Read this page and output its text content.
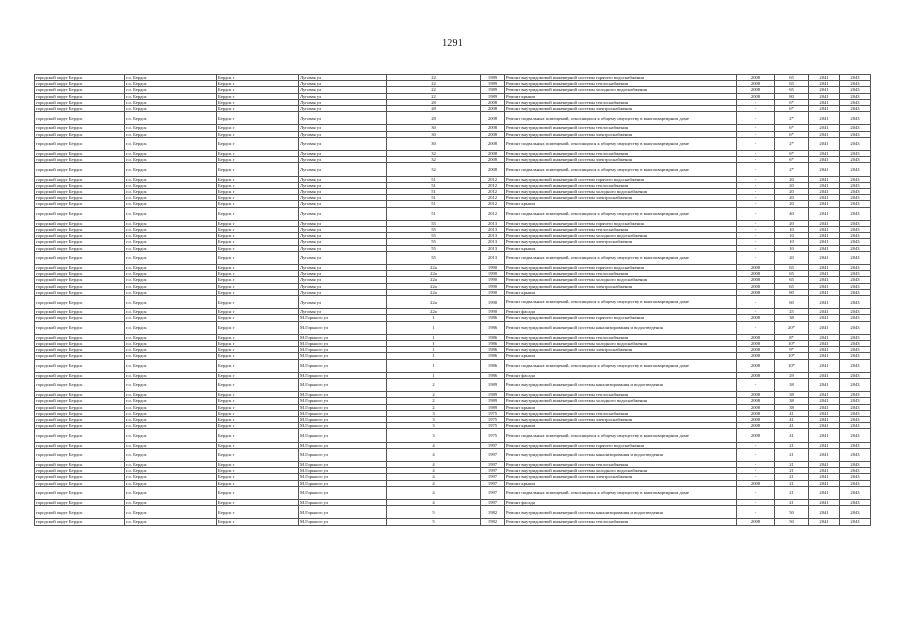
1291
городской округ Бердск	г.о. Бердск	Бердск г	Луговая ул	22	1989	Ремонт внутридомовой инженерной системы горячего водоснабжения	2008	65	2041	2043
городской округ Бердск	г.о. Бердск	Бердск г	Луговая ул	22	1989	Ремонт внутридомовой инженерной системы теплоснабжения	2008	65	2041	2043
городской округ Бердск	г.о. Бердск	Бердск г	Луговая ул	22	1989	Ремонт внутридомовой инженерной системы холодного водоснабжения	2008	65	2041	2043
городской округ Бердск	г.о. Бердск	Бердск г	Луговая ул	22	1989	Ремонт крыши	2008	80	2041	2043
городской округ Бердск	г.о. Бердск	Бердск г	Луговая ул	28	2008	Ремонт внутридомовой инженерной системы теплоснабжения	-	6*	2041	2043
городской округ Бердск	г.о. Бердск	Бердск г	Луговая ул	28	2008	Ремонт внутридомовой инженерной системы электроснабжения	-	6*	2041	2043
городской округ Бердск	г.о. Бердск	Бердск г	Луговая ул	28	2008	Ремонт подвальных помещений, относящихся к общему имуществу в многоквартирном доме	-	2*	2041	2043
городской округ Бердск	г.о. Бердск	Бердск г	Луговая ул	30	2008	Ремонт внутридомовой инженерной системы теплоснабжения	-	6*	2041	2043
городской округ Бердск	г.о. Бердск	Бердск г	Луговая ул	30	2008	Ремонт внутридомовой инженерной системы электроснабжения	-	6*	2041	2043
городской округ Бердск	г.о. Бердск	Бердск г	Луговая ул	30	2008	Ремонт подвальных помещений, относящихся к общему имуществу в многоквартирном доме	-	2*	2041	2043
городской округ Бердск	г.о. Бердск	Бердск г	Луговая ул	32	2008	Ремонт внутридомовой инженерной системы теплоснабжения	-	6*	2041	2043
городской округ Бердск	г.о. Бердск	Бердск г	Луговая ул	32	2008	Ремонт внутридомовой инженерной системы электроснабжения	-	6*	2041	2043
городской округ Бердск	г.о. Бердск	Бердск г	Луговая ул	32	2008	Ремонт подвальных помещений, относящихся к общему имуществу в многоквартирном доме	-	2*	2041	2043
городской округ Бердск	г.о. Бердск	Бердск г	Луговая ул	51	2012	Ремонт внутридомовой инженерной системы горячего водоснабжения	-	20	2041	2043
городской округ Бердск	г.о. Бердск	Бердск г	Луговая ул	51	2012	Ремонт внутридомовой инженерной системы теплоснабжения	-	20	2041	2043
городской округ Бердск	г.о. Бердск	Бердск г	Луговая ул	51	2012	Ремонт внутридомовой инженерной системы холодного водоснабжения	-	20	2041	2043
городской округ Бердск	г.о. Бердск	Бердск г	Луговая ул	51	2012	Ремонт внутридомовой инженерной системы электроснабжения	-	20	2041	2043
городской округ Бердск	г.о. Бердск	Бердск г	Луговая ул	51	2012	Ремонт крыши	-	20	2041	2043
городской округ Бердск	г.о. Бердск	Бердск г	Луговая ул	51	2012	Ремонт подвальных помещений, относящихся к общему имуществу в многоквартирном доме	-	40	2041	2043
городской округ Бердск	г.о. Бердск	Бердск г	Луговая ул	55	2013	Ремонт внутридомовой инженерной системы горячего водоснабжения	-	20	2041	2043
городской округ Бердск	г.о. Бердск	Бердск г	Луговая ул	55	2013	Ремонт внутридомовой инженерной системы теплоснабжения	-	10	2041	2043
городской округ Бердск	г.о. Бердск	Бердск г	Луговая ул	55	2013	Ремонт внутридомовой инженерной системы холодного водоснабжения	-	10	2041	2043
городской округ Бердск	г.о. Бердск	Бердск г	Луговая ул	55	2013	Ремонт внутридомовой инженерной системы электроснабжения	-	10	2041	2043
городской округ Бердск	г.о. Бердск	Бердск г	Луговая ул	55	2013	Ремонт крыши	-	10	2041	2043
городской округ Бердск	г.о. Бердск	Бердск г	Луговая ул	55	2013	Ремонт подвальных помещений, относящихся к общему имуществу в многоквартирном доме	-	20	2041	2043
городской округ Бердск	г.о. Бердск	Бердск г	Луговая ул	22а	1990	Ремонт внутридомовой инженерной системы горячего водоснабжения	2008	65	2041	2043
городской округ Бердск	г.о. Бердск	Бердск г	Луговая ул	22а	1990	Ремонт внутридомовой инженерной системы теплоснабжения	2008	65	2041	2043
городской округ Бердск	г.о. Бердск	Бердск г	Луговая ул	22а	1990	Ремонт внутридомовой инженерной системы холодного водоснабжения	2008	65	2041	2043
городской округ Бердск	г.о. Бердск	Бердск г	Луговая ул	22а	1990	Ремонт внутридомовой инженерной системы электроснабжения	2008	65	2041	2043
городской округ Бердск	г.о. Бердск	Бердск г	Луговая ул	22а	1990	Ремонт крыши	2008	80	2041	2043
городской округ Бердск	г.о. Бердск	Бердск г	Луговая ул	22а	1990	Ремонт подвальных помещений, относящихся к общему имуществу в многоквартирном доме	-	60	2041	2043
городской округ Бердск	г.о. Бердск	Бердск г	Луговая ул	22а	1990	Ремонт фасада	-	25	2041	2043
городской округ Бердск	г.о. Бердск	Бердск г	М.Горького ул	1	1986	Ремонт внутридомовой инженерной системы горячего водоснабжения	2008	38	2041	2043
городской округ Бердск	г.о. Бердск	Бердск г	М.Горького ул	1	1986	Ремонт внутридомовой инженерной системы канализирования и водоотведения	-	20*	2041	2043
городской округ Бердск	г.о. Бердск	Бердск г	М.Горького ул	1	1986	Ремонт внутридомовой инженерной системы теплоснабжения	2008	8*	2041	2043
городской округ Бердск	г.о. Бердск	Бердск г	М.Горького ул	1	1986	Ремонт внутридомовой инженерной системы холодного водоснабжения	2008	10*	2041	2043
городской округ Бердск	г.о. Бердск	Бердск г	М.Горького ул	1	1986	Ремонт внутридомовой инженерной системы электроснабжения	2008	9*	2041	2043
городской округ Бердск	г.о. Бердск	Бердск г	М.Горького ул	1	1986	Ремонт крыши	2008	10*	2041	2043
городской округ Бердск	г.о. Бердск	Бердск г	М.Горького ул	1	1986	Ремонт подвальных помещений, относящихся к общему имуществу в многоквартирном доме	2008	10*	2041	2043
городской округ Бердск	г.о. Бердск	Бердск г	М.Горького ул	1	1986	Ремонт фасада	2008	29	2041	2043
городской округ Бердск	г.о. Бердск	Бердск г	М.Горького ул	2	1989	Ремонт внутридомовой инженерной системы канализирования и водоотведения	-	38	2041	2043
городской округ Бердск	г.о. Бердск	Бердск г	М.Горького ул	2	1989	Ремонт внутридомовой инженерной системы теплоснабжения	2008	38	2041	2043
городской округ Бердск	г.о. Бердск	Бердск г	М.Горького ул	2	1989	Ремонт внутридомовой инженерной системы холодного водоснабжения	2008	38	2041	2043
городской округ Бердск	г.о. Бердск	Бердск г	М.Горького ул	2	1989	Ремонт крыши	2008	38	2041	2043
городской округ Бердск	г.о. Бердск	Бердск г	М.Горького ул	3	1975	Ремонт внутридомовой инженерной системы теплоснабжения	2008	41	2041	2043
городской округ Бердск	г.о. Бердск	Бердск г	М.Горького ул	3	1975	Ремонт внутридомовой инженерной системы электроснабжения	2008	41	2041	2043
городской округ Бердск	г.о. Бердск	Бердск г	М.Горького ул	3	1975	Ремонт крыши	2008	41	2041	2043
городской округ Бердск	г.о. Бердск	Бердск г	М.Горького ул	3	1975	Ремонт подвальных помещений, относящихся к общему имуществу в многоквартирном доме	2008	41	2041	2043
городской округ Бердск	г.о. Бердск	Бердск г	М.Горького ул	4	1997	Ремонт внутридомовой инженерной системы горячего водоснабжения	-	21	2041	2043
городской округ Бердск	г.о. Бердск	Бердск г	М.Горького ул	4	1997	Ремонт внутридомовой инженерной системы канализирования и водоотведения	-	21	2041	2043
городской округ Бердск	г.о. Бердск	Бердск г	М.Горького ул	4	1997	Ремонт внутридомовой инженерной системы теплоснабжения	-	21	2041	2043
городской округ Бердск	г.о. Бердск	Бердск г	М.Горького ул	4	1997	Ремонт внутридомовой инженерной системы холодного водоснабжения	-	21	2041	2043
городской округ Бердск	г.о. Бердск	Бердск г	М.Горького ул	4	1997	Ремонт внутридомовой инженерной системы электроснабжения	-	21	2041	2043
городской округ Бердск	г.о. Бердск	Бердск г	М.Горького ул	4	1997	Ремонт крыши	2008	21	2041	2043
городской округ Бердск	г.о. Бердск	Бердск г	М.Горького ул	4	1997	Ремонт подвальных помещений, относящихся к общему имуществу в многоквартирном доме	-	21	2041	2043
городской округ Бердск	г.о. Бердск	Бердск г	М.Горького ул	4	1997	Ремонт фасада	-	21	2041	2043
городской округ Бердск	г.о. Бердск	Бердск г	М.Горького ул	5	1982	Ремонт внутридомовой инженерной системы канализирования и водоотведения	-	50	2041	2043
городской округ Бердск	г.о. Бердск	Бердск г	М.Горького ул	5	1982	Ремонт внутридомовой инженерной системы теплоснабжения	2008	50	2041	2043
